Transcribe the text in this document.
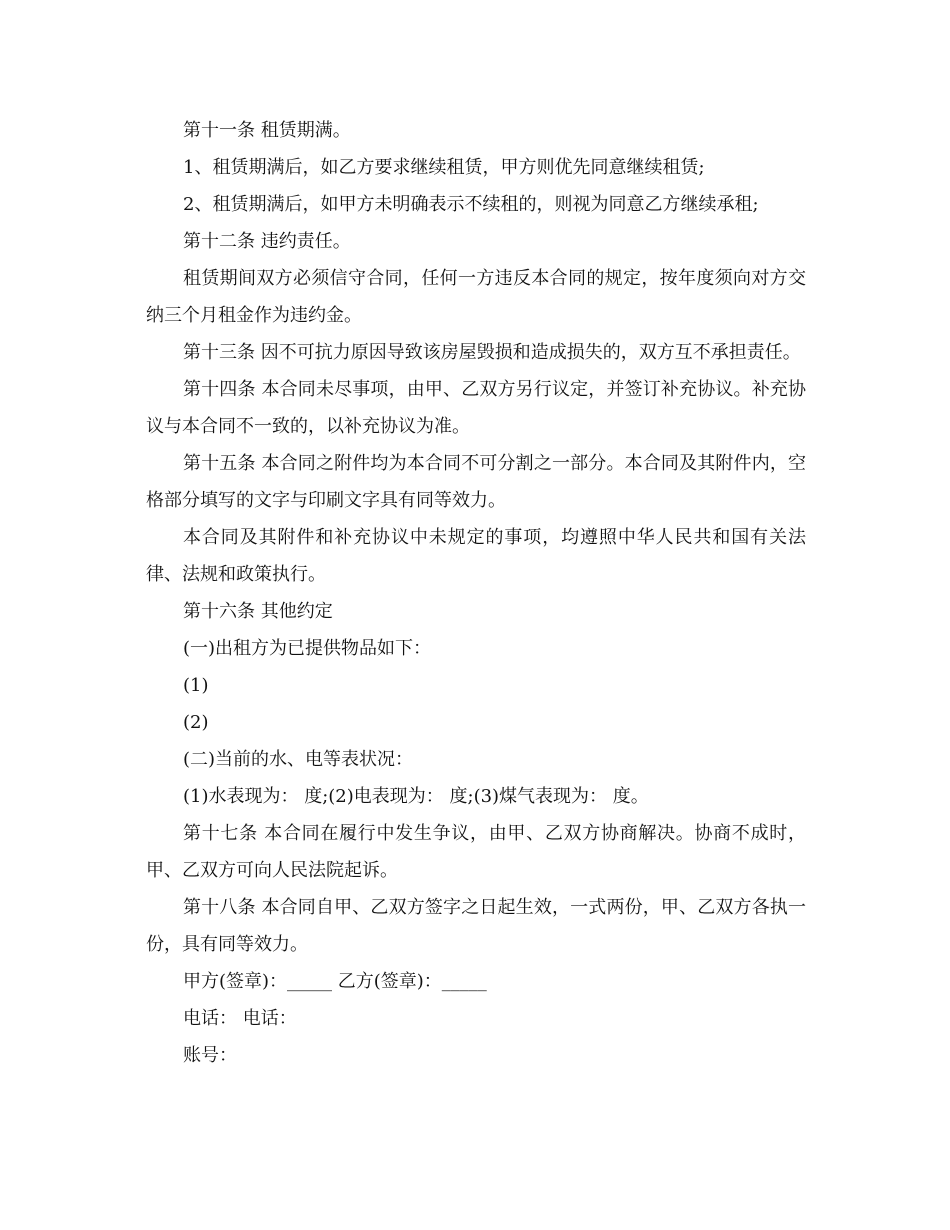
第十一条 租赁期满。

1、租赁期满后，如乙方要求继续租赁，甲方则优先同意继续租赁;

2、租赁期满后，如甲方未明确表示不续租的，则视为同意乙方继续承租;

第十二条 违约责任。

租赁期间双方必须信守合同，任何一方违反本合同的规定，按年度须向对方交纳三个月租金作为违约金。

第十三条 因不可抗力原因导致该房屋毁损和造成损失的，双方互不承担责任。

第十四条 本合同未尽事项，由甲、乙双方另行议定，并签订补充协议。补充协议与本合同不一致的，以补充协议为准。

第十五条 本合同之附件均为本合同不可分割之一部分。本合同及其附件内，空格部分填写的文字与印刷文字具有同等效力。

本合同及其附件和补充协议中未规定的事项，均遵照中华人民共和国有关法律、法规和政策执行。

第十六条 其他约定

(一)出租方为已提供物品如下：

(1)

(2)

(二)当前的水、电等表状况：

(1)水表现为： 度;(2)电表现为： 度;(3)煤气表现为： 度。

第十七条 本合同在履行中发生争议，由甲、乙双方协商解决。协商不成时，甲、乙双方可向人民法院起诉。

第十八条 本合同自甲、乙双方签字之日起生效，一式两份，甲、乙双方各执一份，具有同等效力。

甲方(签章)：_____ 乙方(签章)：_____

电话： 电话：

账号：
